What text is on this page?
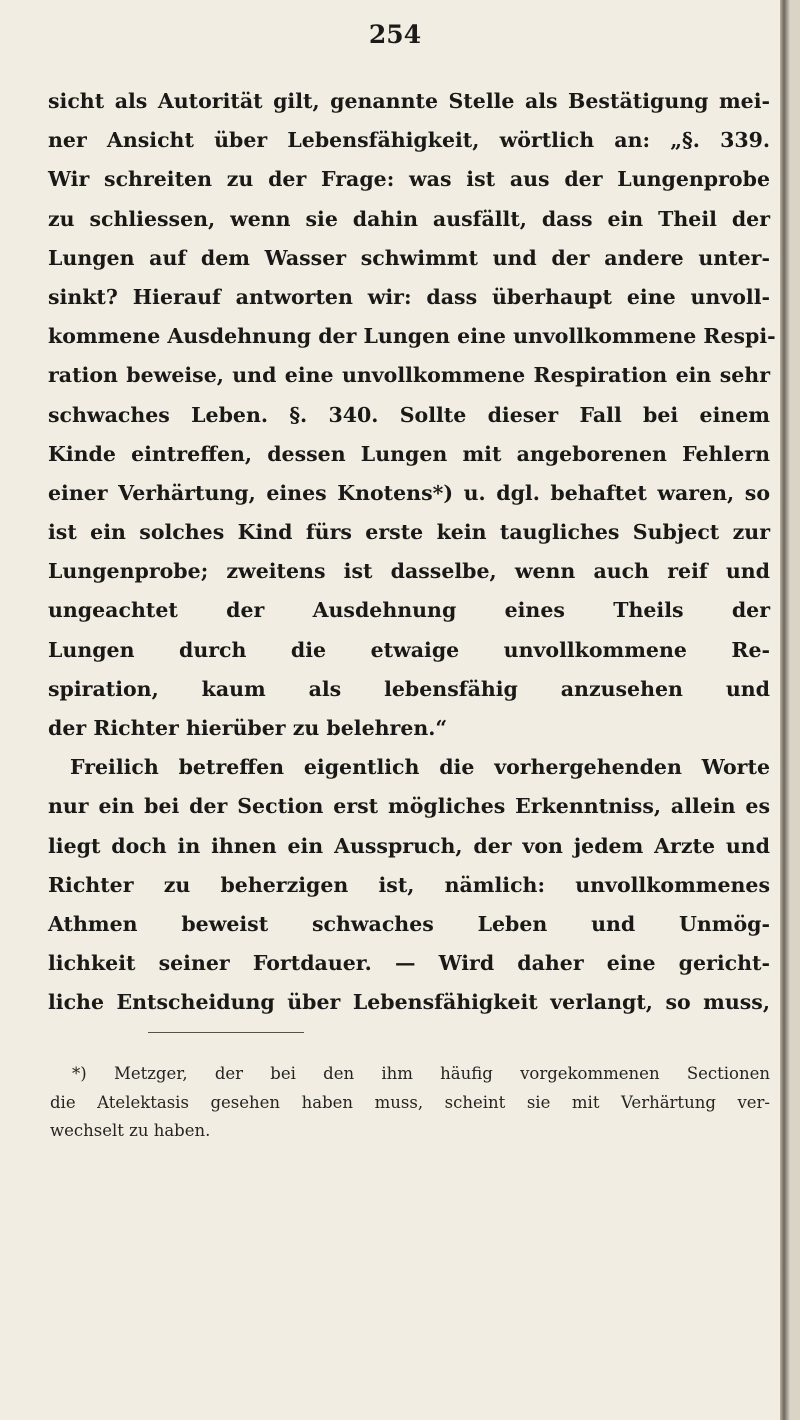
254
sicht als Autorität gilt, genannte Stelle als Bestätigung mei-
ner Ansicht über Lebensfähigkeit, wörtlich an: „§. 339.
Wir schreiten zu der Frage: was ist aus der Lungenprobe
zu schliessen, wenn sie dahin ausfällt, dass ein Theil der
Lungen auf dem Wasser schwimmt und der andere unter-
sinkt? Hierauf antworten wir: dass überhaupt eine unvoll-
kommene Ausdehnung der Lungen eine unvollkommene Respi-
ration beweise, und eine unvollkommene Respiration ein sehr
schwaches Leben. §. 340. Sollte dieser Fall bei einem
Kinde eintreffen, dessen Lungen mit angeborenen Fehlern
einer Verhärtung, eines Knotens*) u. dgl. behaftet waren, so
ist ein solches Kind fürs erste kein taugliches Subject zur
Lungenprobe; zweitens ist dasselbe, wenn auch reif und
ungeachtet der Ausdehnung eines Theils der
Lungen durch die etwaige unvollkommene Re-
spiration, kaum als lebensfähig anzusehen und
der Richter hierüber zu belehren.“
Freilich betreffen eigentlich die vorhergehenden Worte
nur ein bei der Section erst mögliches Erkenntniss, allein es
liegt doch in ihnen ein Ausspruch, der von jedem Arzte und
Richter zu beherzigen ist, nämlich: unvollkommenes
Athmen beweist schwaches Leben und Unmög-
lichkeit seiner Fortdauer. — Wird daher eine gericht-
liche Entscheidung über Lebensfähigkeit verlangt, so muss,
*) Metzger, der bei den ihm häufig vorgekommenen Sectionen
die Atelektasis gesehen haben muss, scheint sie mit Verhärtung ver-
wechselt zu haben.
